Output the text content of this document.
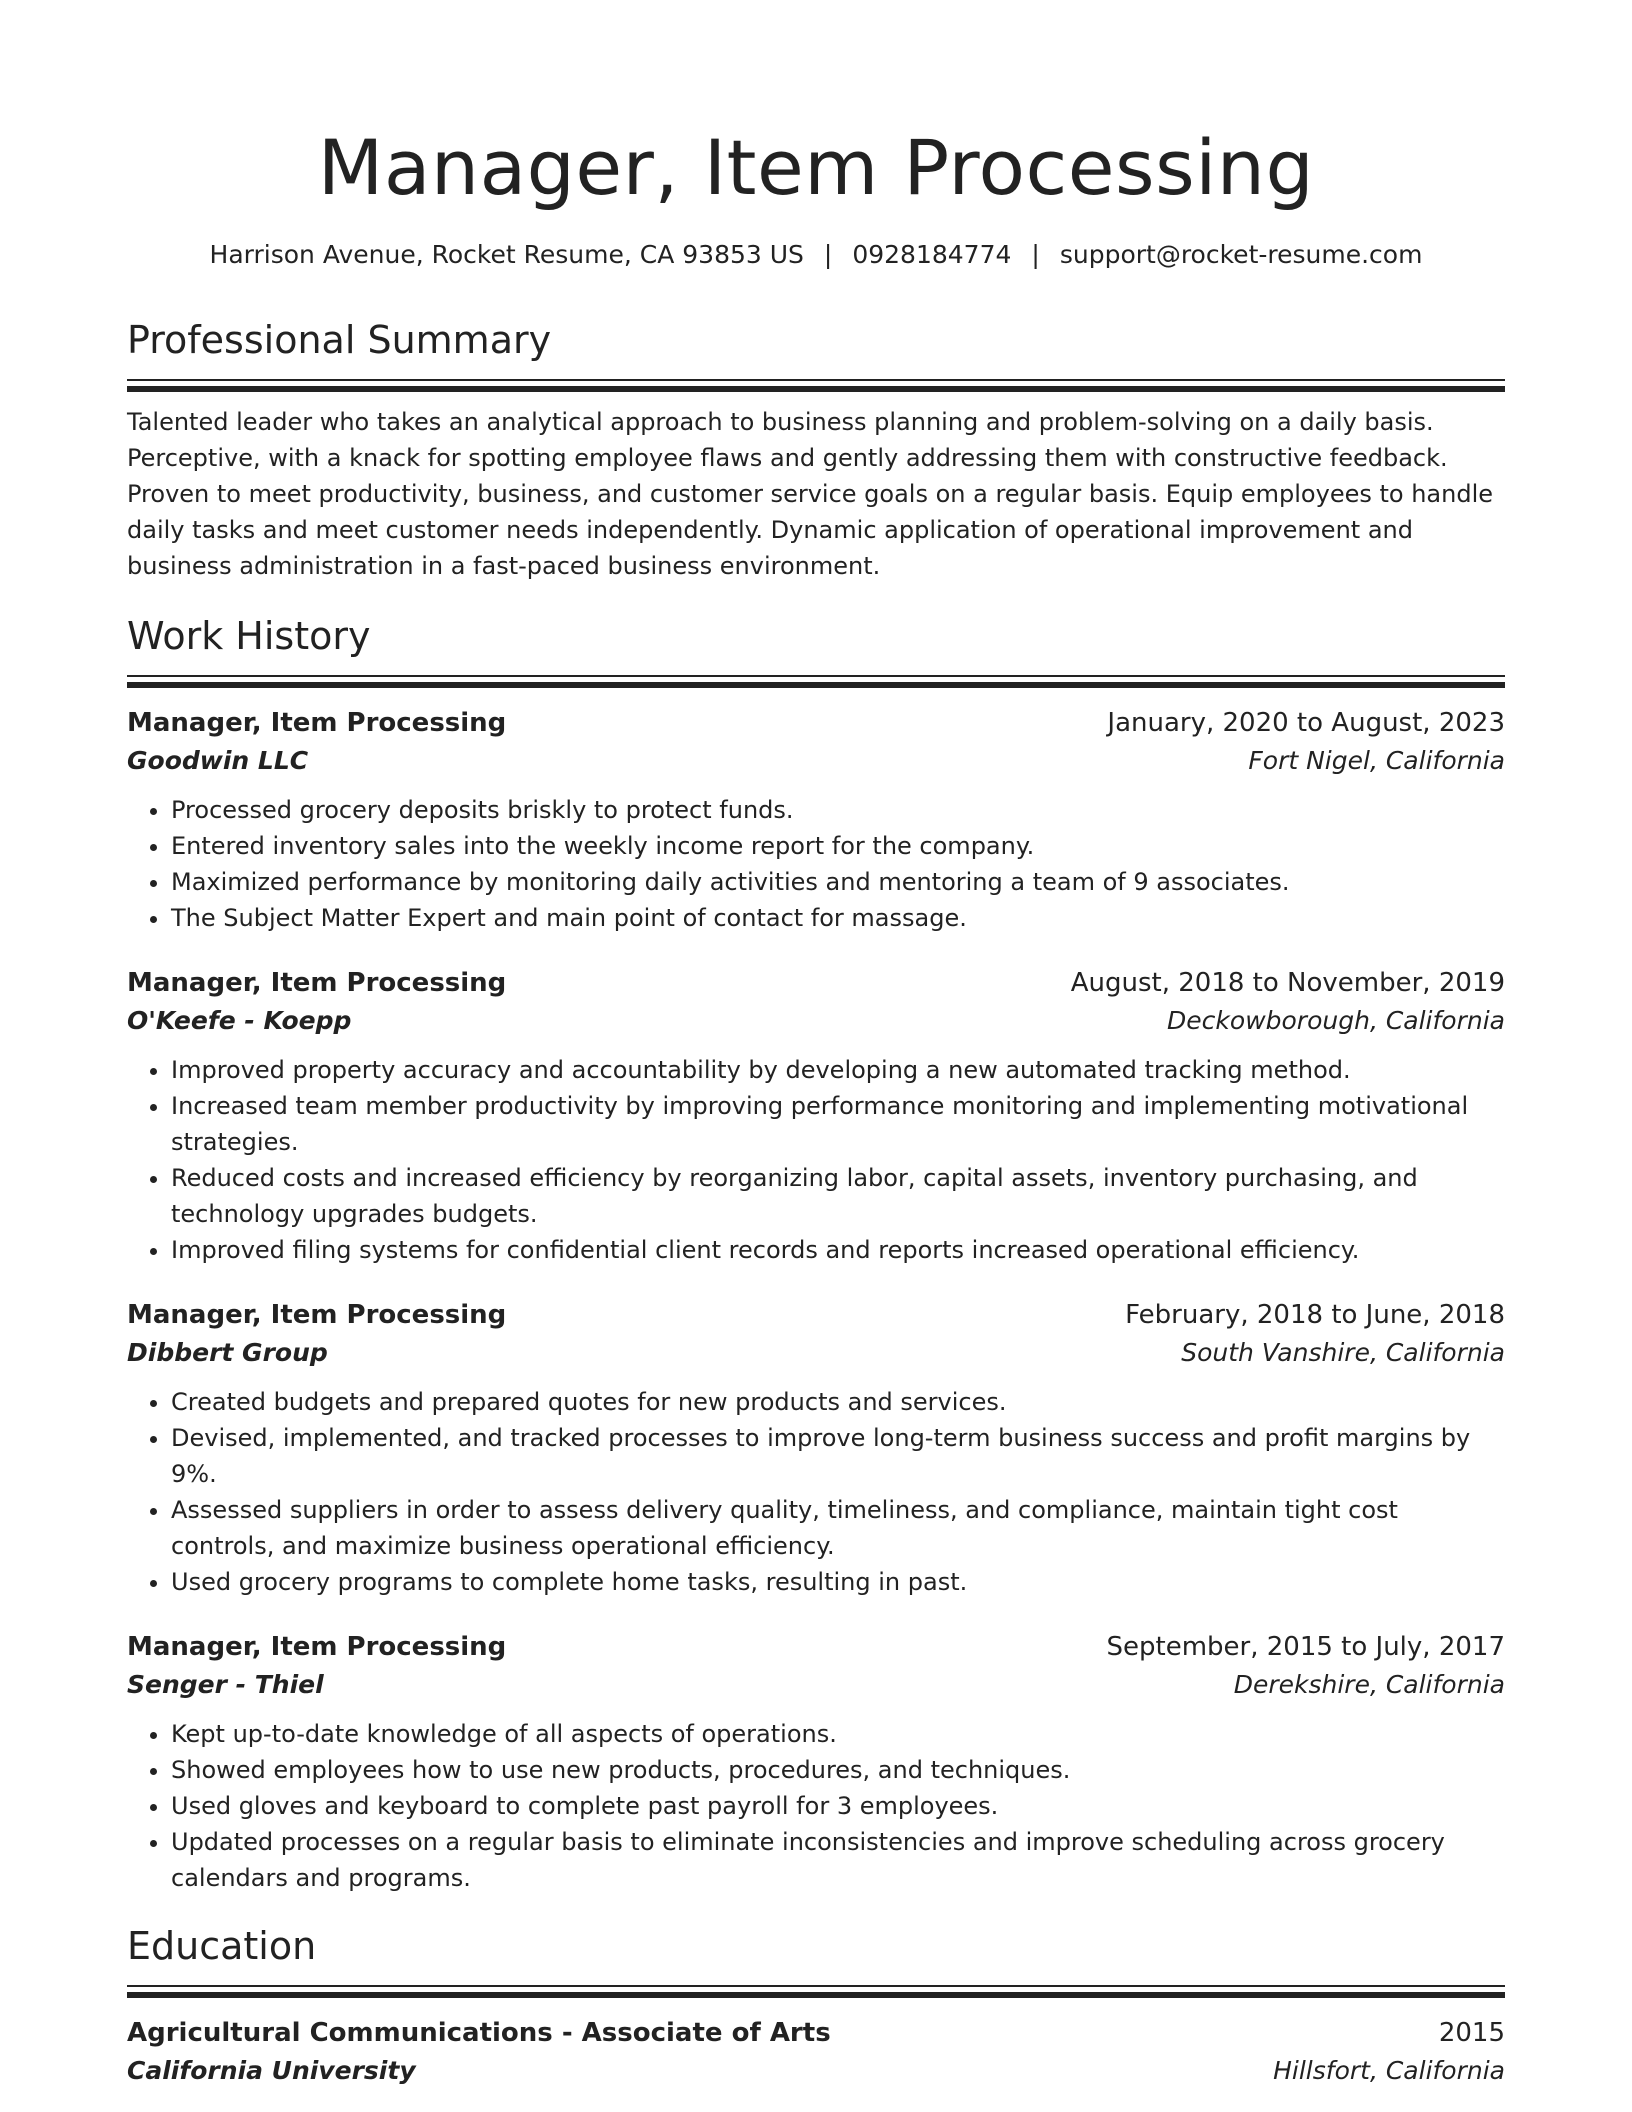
Manager, Item Processing
Harrison Avenue, Rocket Resume, CA 93853 US | 0928184774 | support@rocket-resume.com
Professional Summary
Talented leader who takes an analytical approach to business planning and problem-solving on a daily basis. Perceptive, with a knack for spotting employee flaws and gently addressing them with constructive feedback. Proven to meet productivity, business, and customer service goals on a regular basis. Equip employees to handle daily tasks and meet customer needs independently. Dynamic application of operational improvement and business administration in a fast-paced business environment.
Work History
Manager, Item Processing	January, 2020 to August, 2023
Goodwin LLC	Fort Nigel, California
• Processed grocery deposits briskly to protect funds.
• Entered inventory sales into the weekly income report for the company.
• Maximized performance by monitoring daily activities and mentoring a team of 9 associates.
• The Subject Matter Expert and main point of contact for massage.
Manager, Item Processing	August, 2018 to November, 2019
O'Keefe - Koepp	Deckowborough, California
• Improved property accuracy and accountability by developing a new automated tracking method.
• Increased team member productivity by improving performance monitoring and implementing motivational strategies.
• Reduced costs and increased efficiency by reorganizing labor, capital assets, inventory purchasing, and technology upgrades budgets.
• Improved filing systems for confidential client records and reports increased operational efficiency.
Manager, Item Processing	February, 2018 to June, 2018
Dibbert Group	South Vanshire, California
• Created budgets and prepared quotes for new products and services.
• Devised, implemented, and tracked processes to improve long-term business success and profit margins by 9%.
• Assessed suppliers in order to assess delivery quality, timeliness, and compliance, maintain tight cost controls, and maximize business operational efficiency.
• Used grocery programs to complete home tasks, resulting in past.
Manager, Item Processing	September, 2015 to July, 2017
Senger - Thiel	Derekshire, California
• Kept up-to-date knowledge of all aspects of operations.
• Showed employees how to use new products, procedures, and techniques.
• Used gloves and keyboard to complete past payroll for 3 employees.
• Updated processes on a regular basis to eliminate inconsistencies and improve scheduling across grocery calendars and programs.
Education
Agricultural Communications - Associate of Arts	2015
California University	Hillsfort, California
